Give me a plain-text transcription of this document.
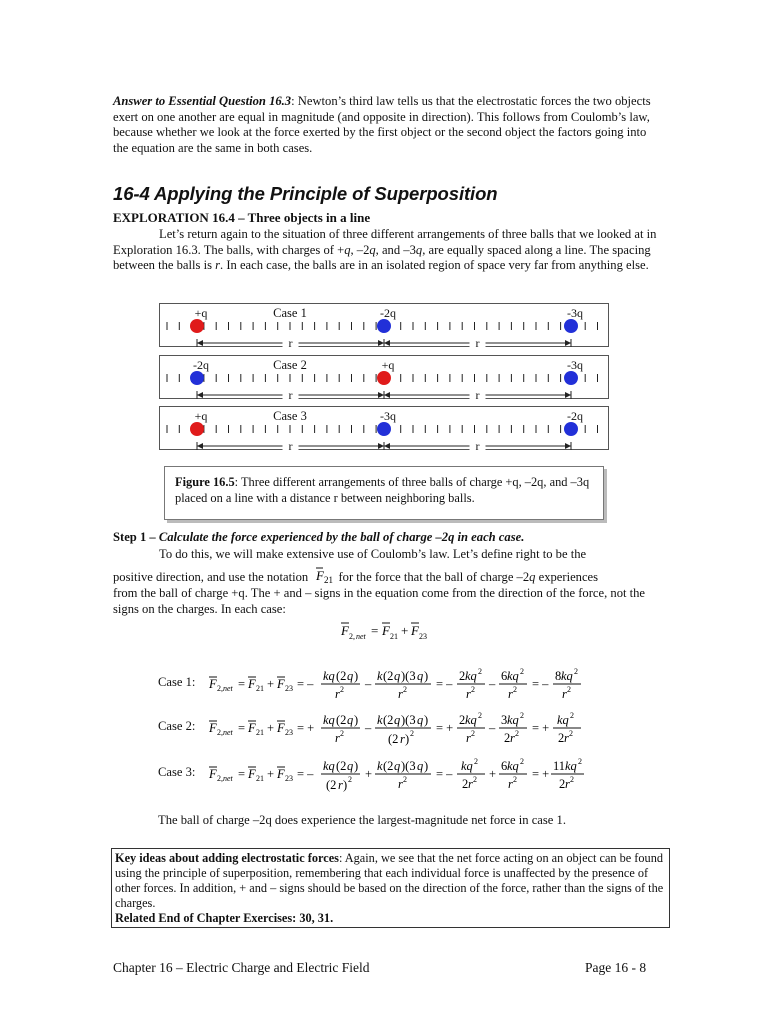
Answer to Essential Question 16.3: Newton’s third law tells us that the electrostatic forces the two objects exert on one another are equal in magnitude (and opposite in direction). This follows from Coulomb’s law, because whether we look at the force exerted by the first object or the second object the factors going into the equation are the same in both cases.
16-4 Applying the Principle of Superposition
EXPLORATION 16.4 – Three objects in a line
Let’s return again to the situation of three different arrangements of three balls that we looked at in Exploration 16.3. The balls, with charges of +q, –2q, and –3q, are equally spaced along a line. The spacing between the balls is r. In each case, the balls are in an isolated region of space very far from anything else.
Case 1
+q	-2q	-3q
r	r
Case 2
-2q	+q	-3q
r	r
Case 3
+q	-3q	-2q
r	r
Figure 16.5: Three different arrangements of three balls of charge +q, –2q, and –3q placed on a line with a distance r between neighboring balls.
Step 1 – Calculate the force experienced by the ball of charge –2q in each case.
To do this, we will make extensive use of Coulomb’s law. Let’s define right to be the
positive direction, and use the notation F 21 for the force that the ball of charge –2q experiences
from the ball of charge +q. The + and – signs in the equation come from the direction of the force, not the signs on the charges. In each case:
F 2, net = F 21 + F 23
Case 1:
Case 2:
Case 3:
F 2, net = F 21 + F 23 = –
kq (2 q )
r 2 –
k (2 q )(3 q )
r 2 = –
2 kq 2
r 2 –
6 kq 2
r 2 = –
8 kq 2
r 2
F 2, net = F 21 + F 23 = +
kq (2 q )
r 2 –
k (2 q )(3 q )
(2 r ) 2 = +
2 kq 2
r 2 –
3 kq 2
2 r 2 = +
kq 2
2 r 2
F 2, net = F 21 + F 23 = –
kq (2 q )
(2 r ) 2 +
k (2 q )(3 q )
r 2 = –
kq 2
2 r 2 +
6 kq 2
r 2 = +
11 kq 2
2 r 2
The ball of charge –2q does experience the largest-magnitude net force in case 1.
Key ideas about adding electrostatic forces: Again, we see that the net force acting on an object can be found using the principle of superposition, remembering that each individual force is unaffected by the presence of other forces. In addition, + and – signs should be based on the direction of the force, rather than the signs of the charges.
Related End of Chapter Exercises: 30, 31.
Chapter 16 – Electric Charge and Electric Field	Page 16 - 8
